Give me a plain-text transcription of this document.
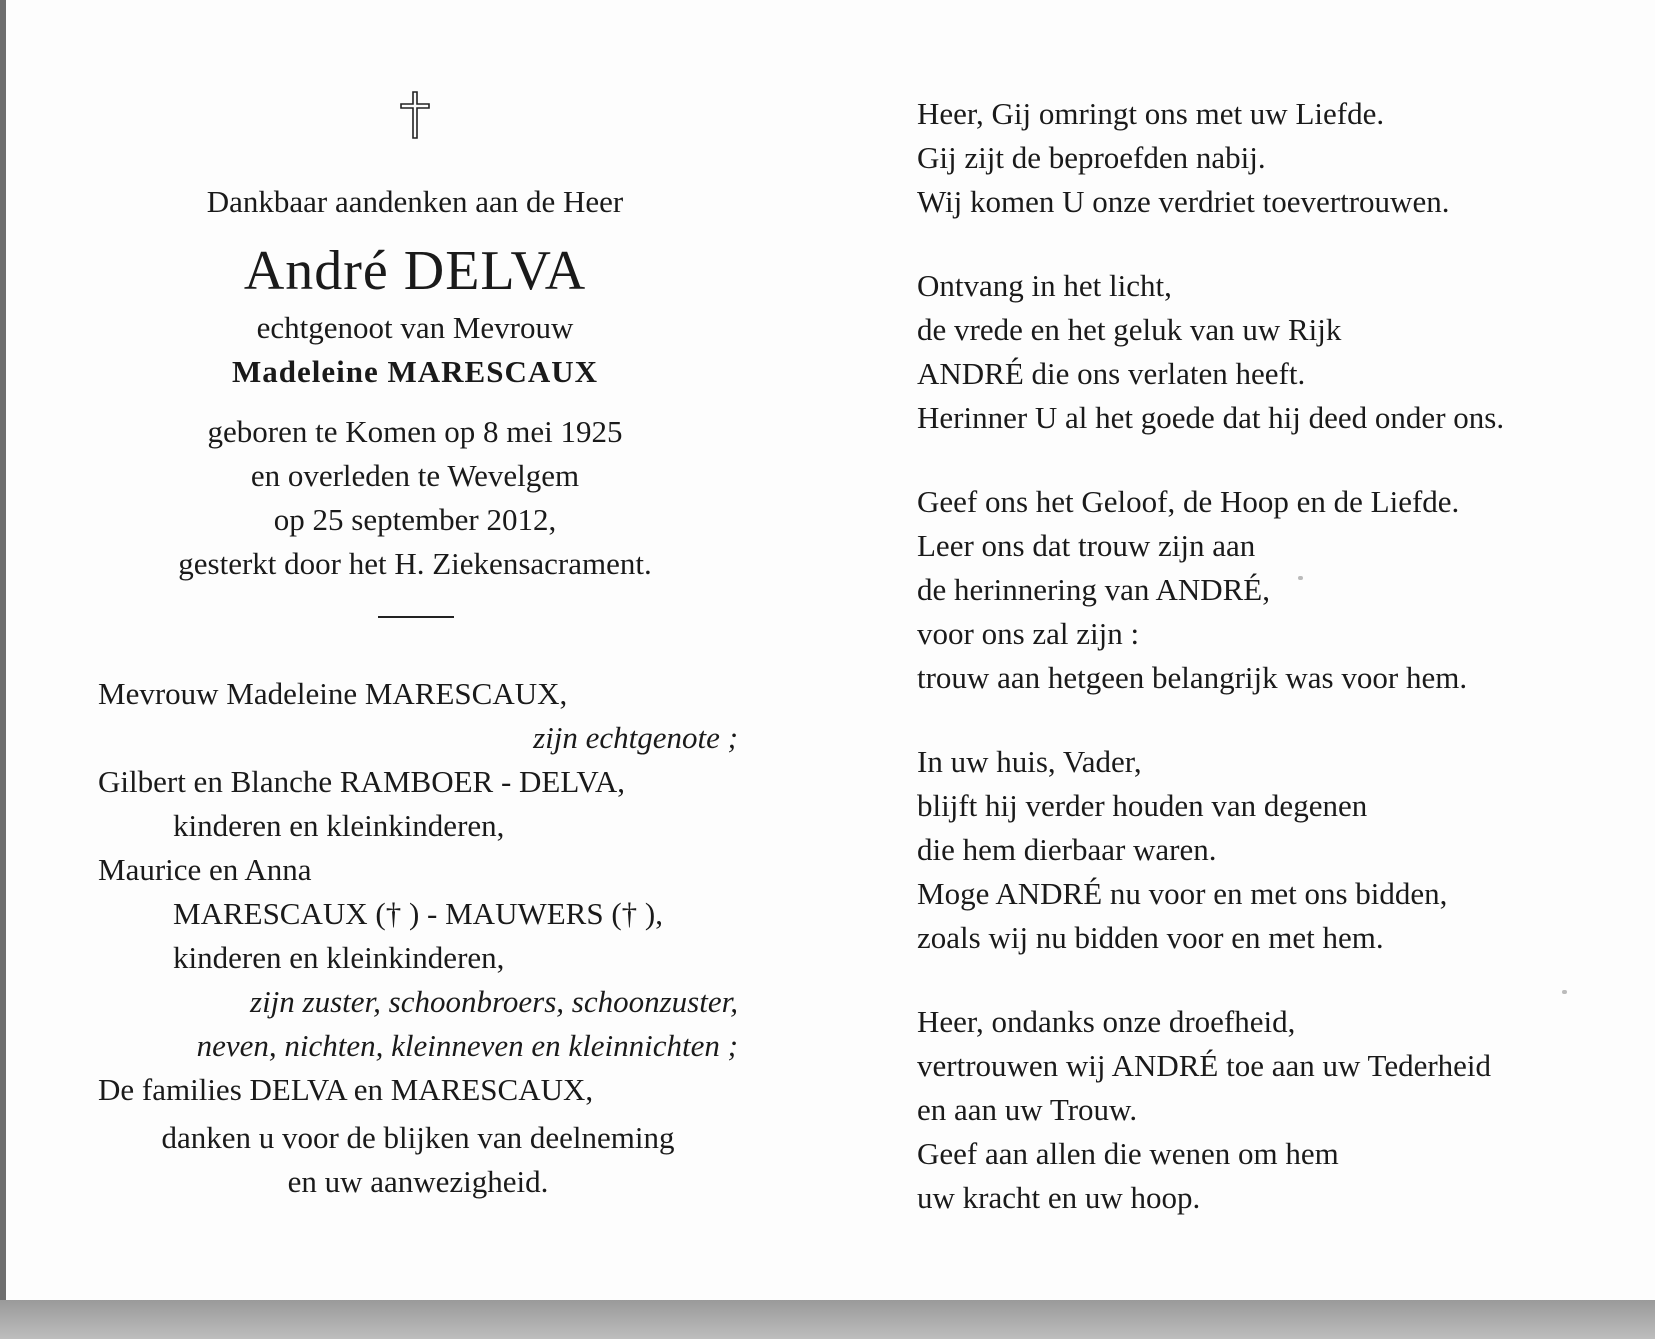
Dankbaar aandenken aan de Heer

André DELVA

echtgenoot van Mevrouw

Madeleine MARESCAUX

geboren te Komen op 8 mei 1925
en overleden te Wevelgem
op 25 september 2012,
gesterkt door het H. Ziekensacrament.
Mevrouw Madeleine MARESCAUX,
zijn echtgenote ;
Gilbert en Blanche RAMBOER - DELVA,
kinderen en kleinkinderen,
Maurice en Anna
MARESCAUX († ) - MAUWERS († ),
kinderen en kleinkinderen,
zijn zuster, schoonbroers, schoonzuster,
neven, nichten, kleinneven en kleinnichten ;
De families DELVA en MARESCAUX,
danken u voor de blijken van deelneming
en uw aanwezigheid.
Heer, Gij omringt ons met uw Liefde.
Gij zijt de beproefden nabij.
Wij komen U onze verdriet toevertrouwen.
Ontvang in het licht,
de vrede en het geluk van uw Rijk
ANDRÉ die ons verlaten heeft.
Herinner U al het goede dat hij deed onder ons.
Geef ons het Geloof, de Hoop en de Liefde.
Leer ons dat trouw zijn aan
de herinnering van ANDRÉ,
voor ons zal zijn :
trouw aan hetgeen belangrijk was voor hem.
In uw huis, Vader,
blijft hij verder houden van degenen
die hem dierbaar waren.
Moge ANDRÉ nu voor en met ons bidden,
zoals wij nu bidden voor en met hem.
Heer, ondanks onze droefheid,
vertrouwen wij ANDRÉ toe aan uw Tederheid
en aan uw Trouw.
Geef aan allen die wenen om hem
uw kracht en uw hoop.
